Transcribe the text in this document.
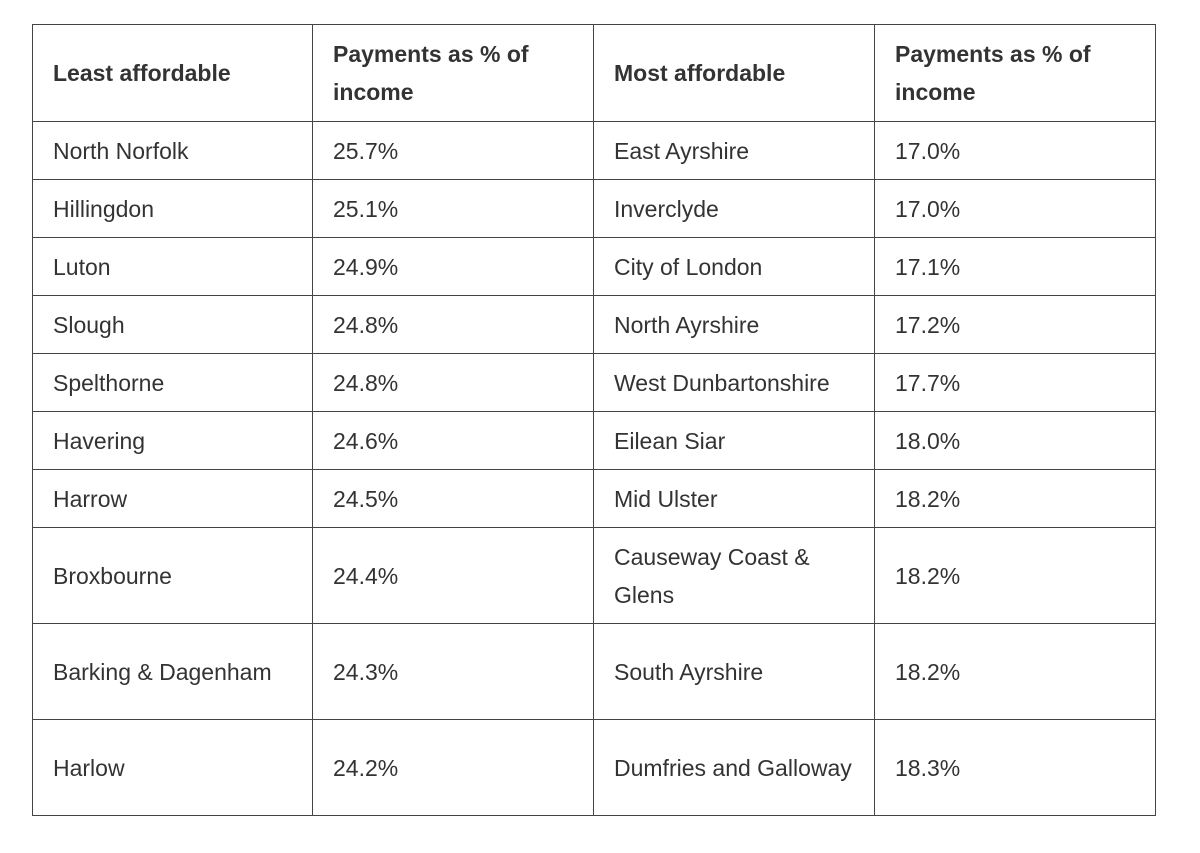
Least affordable	Payments as % of income	Most affordable	Payments as % of income
North Norfolk	25.7%	East Ayrshire	17.0%
Hillingdon	25.1%	Inverclyde	17.0%
Luton	24.9%	City of London	17.1%
Slough	24.8%	North Ayrshire	17.2%
Spelthorne	24.8%	West Dunbartonshire	17.7%
Havering	24.6%	Eilean Siar	18.0%
Harrow	24.5%	Mid Ulster	18.2%
Broxbourne	24.4%	Causeway Coast & Glens	18.2%
Barking & Dagenham	24.3%	South Ayrshire	18.2%
Harlow	24.2%	Dumfries and Galloway	18.3%
